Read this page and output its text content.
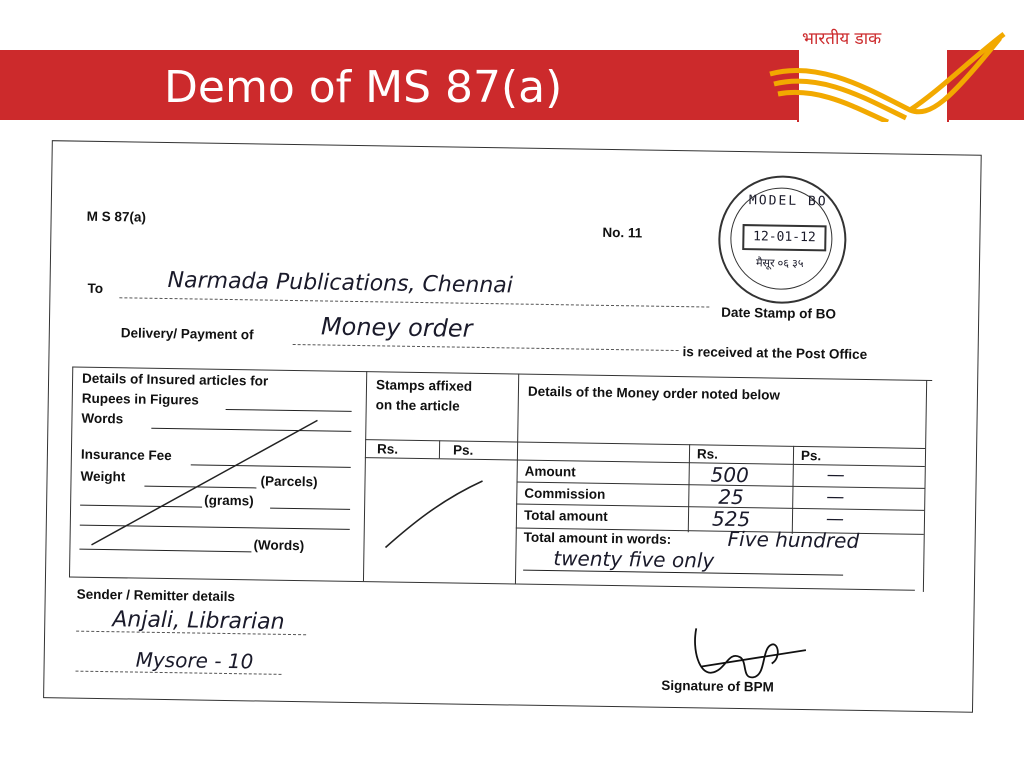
Demo of MS 87(a)
भारतीय डाक
M S 87(a)
No. 11
MODEL BO
12-01-12
मैसूर ०६ ३५
To	Narmada Publications, Chennai
Date Stamp of BO
Delivery/ Payment of	Money order
is received at the Post Office
Details of Insured articles for
Rupees in Figures
Words
Insurance Fee
Weight	(Parcels)
(grams)
(Words)
Stamps affixed
on the article
Rs.	Ps.
Details of the Money order noted below
Rs.	Ps.
Amount	500	—
Commission	25	—
Total amount	525	—
Total amount in words:	Five hundred
twenty five only
Sender / Remitter details
Anjali, Librarian
Mysore - 10
Signature of BPM
